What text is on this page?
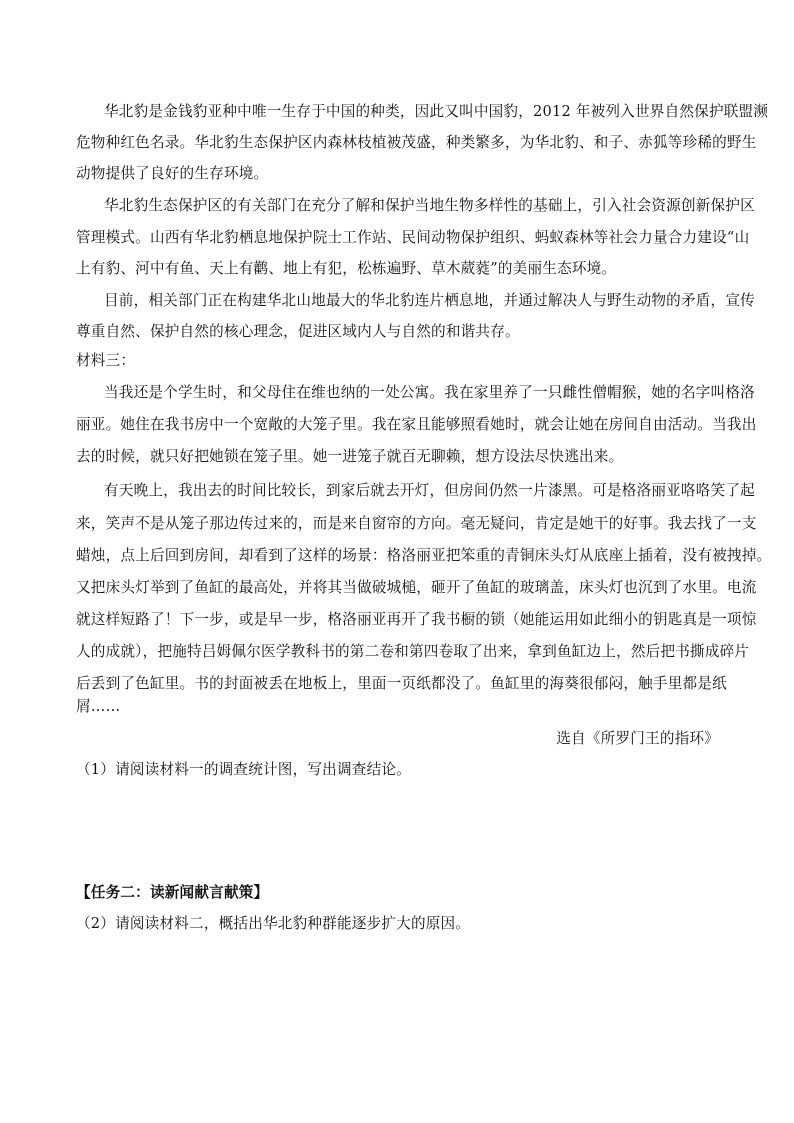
华北豹是金钱豹亚种中唯一生存于中国的种类，因此又叫中国豹，2012 年被列入世界自然保护联盟濒
危物种红色名录。华北豹生态保护区内森林枝植被茂盛，种类繁多，为华北豹、和子、赤狐等珍稀的野生
动物提供了良好的生存环境。
华北豹生态保护区的有关部门在充分了解和保护当地生物多样性的基础上，引入社会资源创新保护区
管理模式。山西有华北豹栖息地保护院士工作站、民间动物保护组织、蚂蚁森林等社会力量合力建设“山
上有豹、河中有鱼、天上有鹳、地上有犯，松栋遍野、草木葳蕤”的美丽生态环境。
目前，相关部门正在构建华北山地最大的华北豹连片栖息地，并通过解决人与野生动物的矛盾，宣传
尊重自然、保护自然的核心理念，促进区域内人与自然的和谐共存。
材料三：
当我还是个学生时，和父母住在维也纳的一处公寓。我在家里养了一只雌性僧帽猴，她的名字叫格洛
丽亚。她住在我书房中一个宽敞的大笼子里。我在家且能够照看她时，就会让她在房间自由活动。当我出
去的时候，就只好把她锁在笼子里。她一进笼子就百无聊赖，想方设法尽快逃出来。
有天晚上，我出去的时间比较长，到家后就去开灯，但房间仍然一片漆黑。可是格洛丽亚咯咯笑了起
来，笑声不是从笼子那边传过来的，而是来自窗帘的方向。毫无疑问，肯定是她干的好事。我去找了一支
蜡烛，点上后回到房间，却看到了这样的场景：格洛丽亚把笨重的青铜床头灯从底座上插着，没有被拽掉。
又把床头灯举到了鱼缸的最高处，并将其当做破城槌，砸开了鱼缸的玻璃盖，床头灯也沉到了水里。电流
就这样短路了！下一步，或是早一步，格洛丽亚再开了我书橱的锁（她能运用如此细小的钥匙真是一项惊
人的成就），把施特吕姆佩尔医学教科书的第二卷和第四卷取了出来，拿到鱼缸边上，然后把书撕成碎片
后丢到了色缸里。书的封面被丢在地板上，里面一页纸都没了。鱼缸里的海葵很郁闷，触手里都是纸
屑……
选自《所罗门王的指环》
（1）请阅读材料一的调查统计图，写出调查结论。
【任务二：读新闻献言献策】
（2）请阅读材料二，概括出华北豹种群能逐步扩大的原因。
